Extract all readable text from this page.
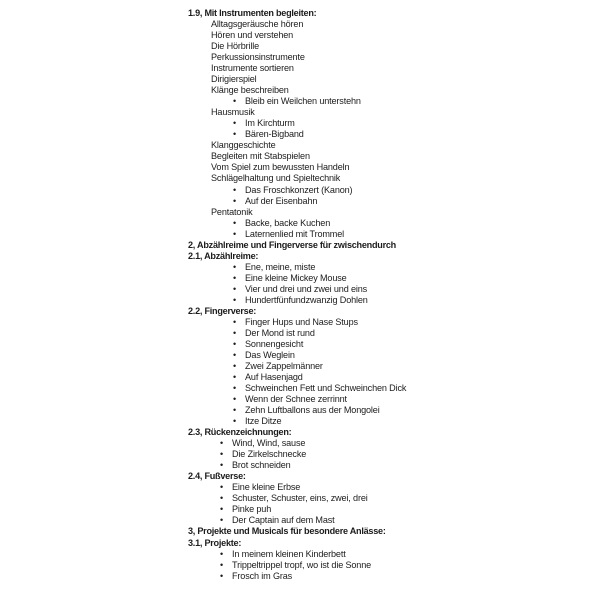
1.9, Mit Instrumenten begleiten:
Alltagsgeräusche hören
Hören und verstehen
Die Hörbrille
Perkussionsinstrumente
Instrumente sortieren
Dirigierspiel
Klänge beschreiben
• Bleib ein Weilchen unterstehn
Hausmusik
• Im Kirchturm
• Bären-Bigband
Klanggeschichte
Begleiten mit Stabspielen
Vom Spiel zum bewussten Handeln
Schlägelhaltung und Spieltechnik
• Das Froschkonzert (Kanon)
• Auf der Eisenbahn
Pentatonik
• Backe, backe Kuchen
• Laternenlied mit Trommel
2, Abzählreime und Fingerverse für zwischendurch
2.1, Abzählreime:
• Ene, meine, miste
• Eine kleine Mickey Mouse
• Vier und drei und zwei und eins
• Hundertfünfundzwanzig Dohlen
2.2, Fingerverse:
• Finger Hups und Nase Stups
• Der Mond ist rund
• Sonnengesicht
• Das Weglein
• Zwei Zappelmänner
• Auf Hasenjagd
• Schweinchen Fett und Schweinchen Dick
• Wenn der Schnee zerrinnt
• Zehn Luftballons aus der Mongolei
• Itze Ditze
2.3, Rückenzeichnungen:
• Wind, Wind, sause
• Die Zirkelschnecke
• Brot schneiden
2.4, Fußverse:
• Eine kleine Erbse
• Schuster, Schuster, eins, zwei, drei
• Pinke puh
• Der Captain auf dem Mast
3, Projekte und Musicals für besondere Anlässe:
3.1, Projekte:
• In meinem kleinen Kinderbett
• Trippeltrippel tropf, wo ist die Sonne
• Frosch im Gras
